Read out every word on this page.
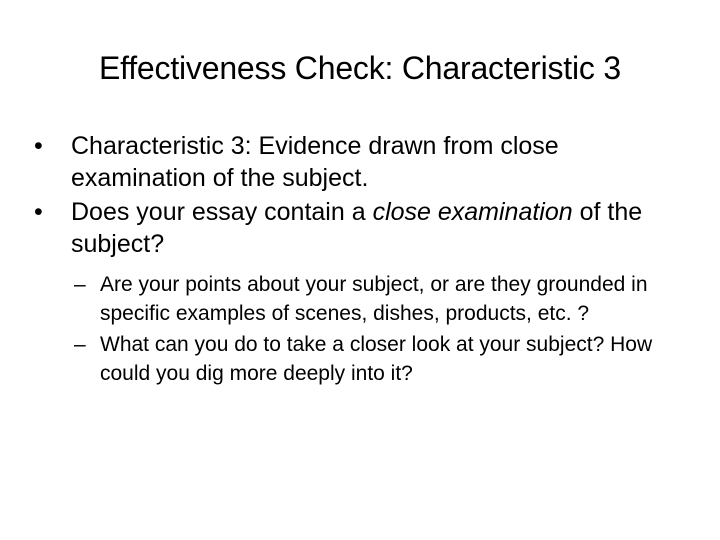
Effectiveness Check: Characteristic 3
•	Characteristic 3: Evidence drawn from close examination of the subject.
•	Does your essay contain a close examination of the subject?
– Are your points about your subject, or are they grounded in specific examples of scenes, dishes, products, etc. ?
– What can you do to take a closer look at your subject? How could you dig more deeply into it?
